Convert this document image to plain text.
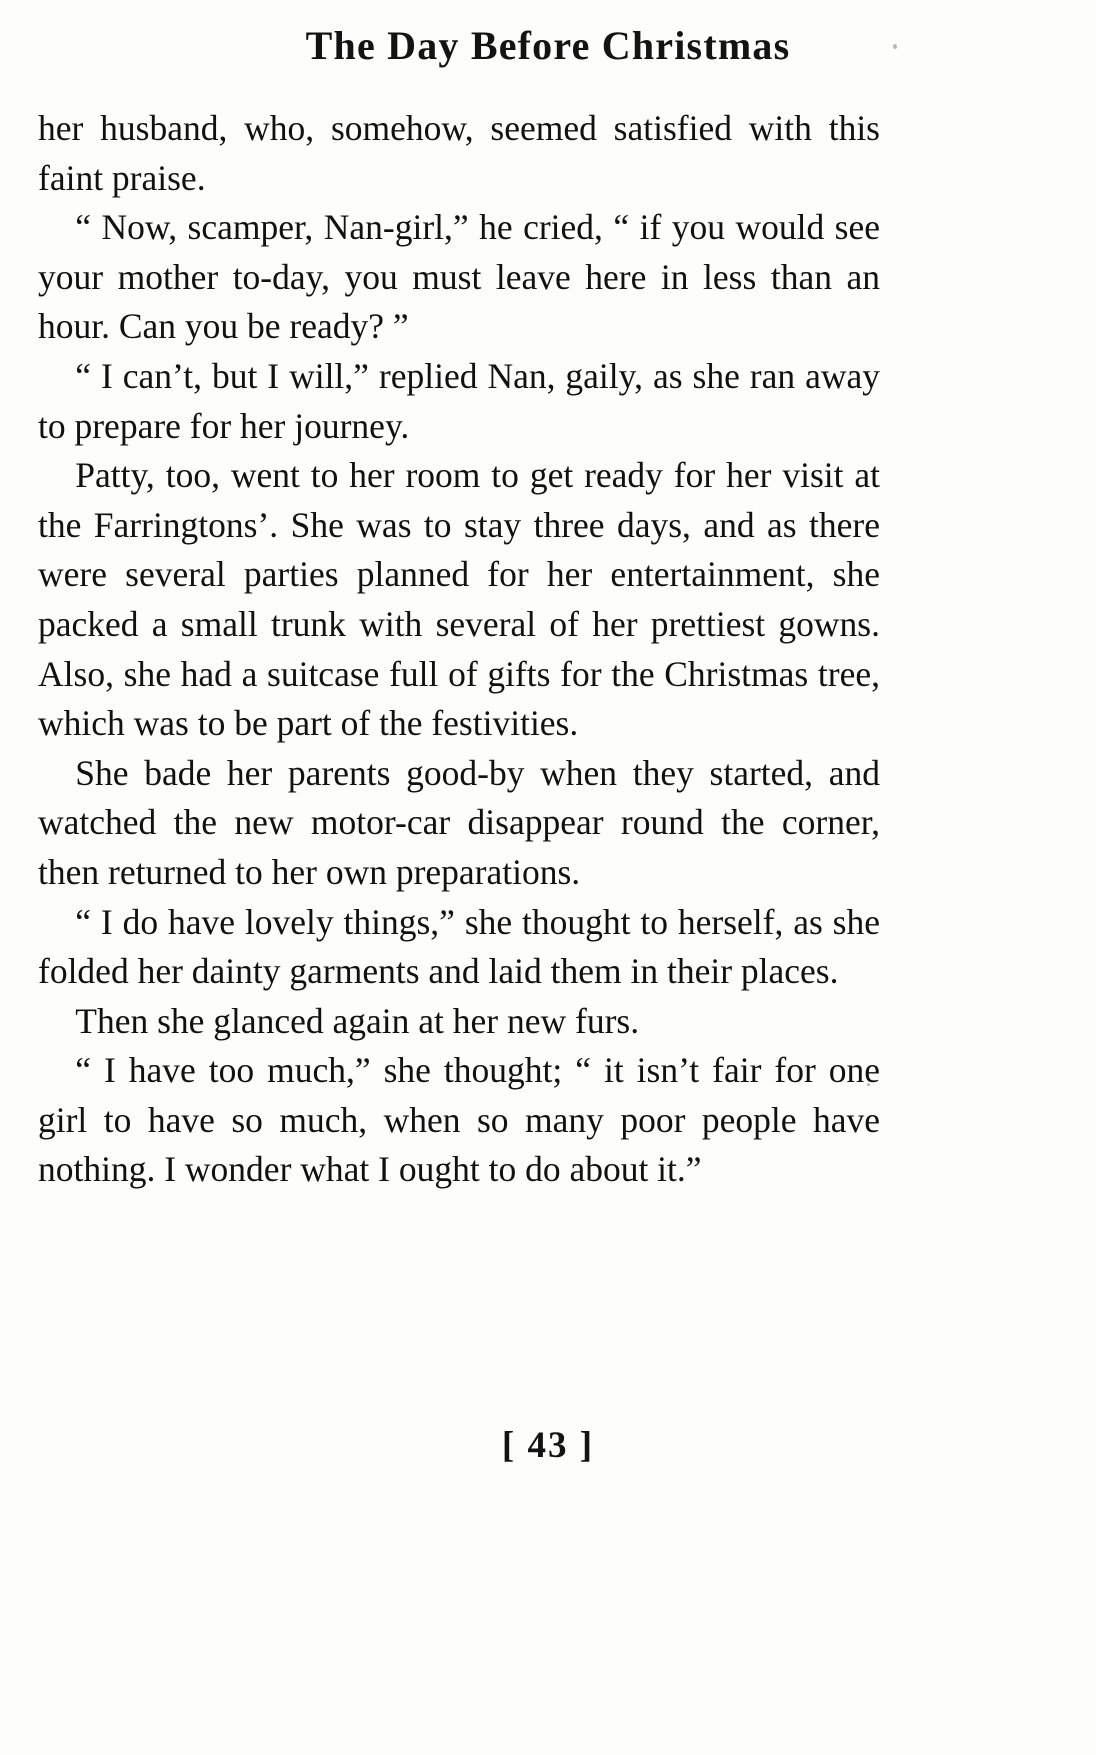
The Day Before Christmas

her husband, who, somehow, seemed satisfied with this faint praise.

“ Now, scamper, Nan-girl,” he cried, “ if you would see your mother to-day, you must leave here in less than an hour. Can you be ready? ”

“ I can’t, but I will,” replied Nan, gaily, as she ran away to prepare for her journey.

Patty, too, went to her room to get ready for her visit at the Farringtons’. She was to stay three days, and as there were several parties planned for her entertainment, she packed a small trunk with several of her prettiest gowns. Also, she had a suitcase full of gifts for the Christmas tree, which was to be part of the festivities.

She bade her parents good-by when they started, and watched the new motor-car disappear round the corner, then returned to her own preparations.

“ I do have lovely things,” she thought to herself, as she folded her dainty garments and laid them in their places.

Then she glanced again at her new furs.

“ I have too much,” she thought; “ it isn’t fair for one girl to have so much, when so many poor people have nothing. I wonder what I ought to do about it.”

[ 43 ]
